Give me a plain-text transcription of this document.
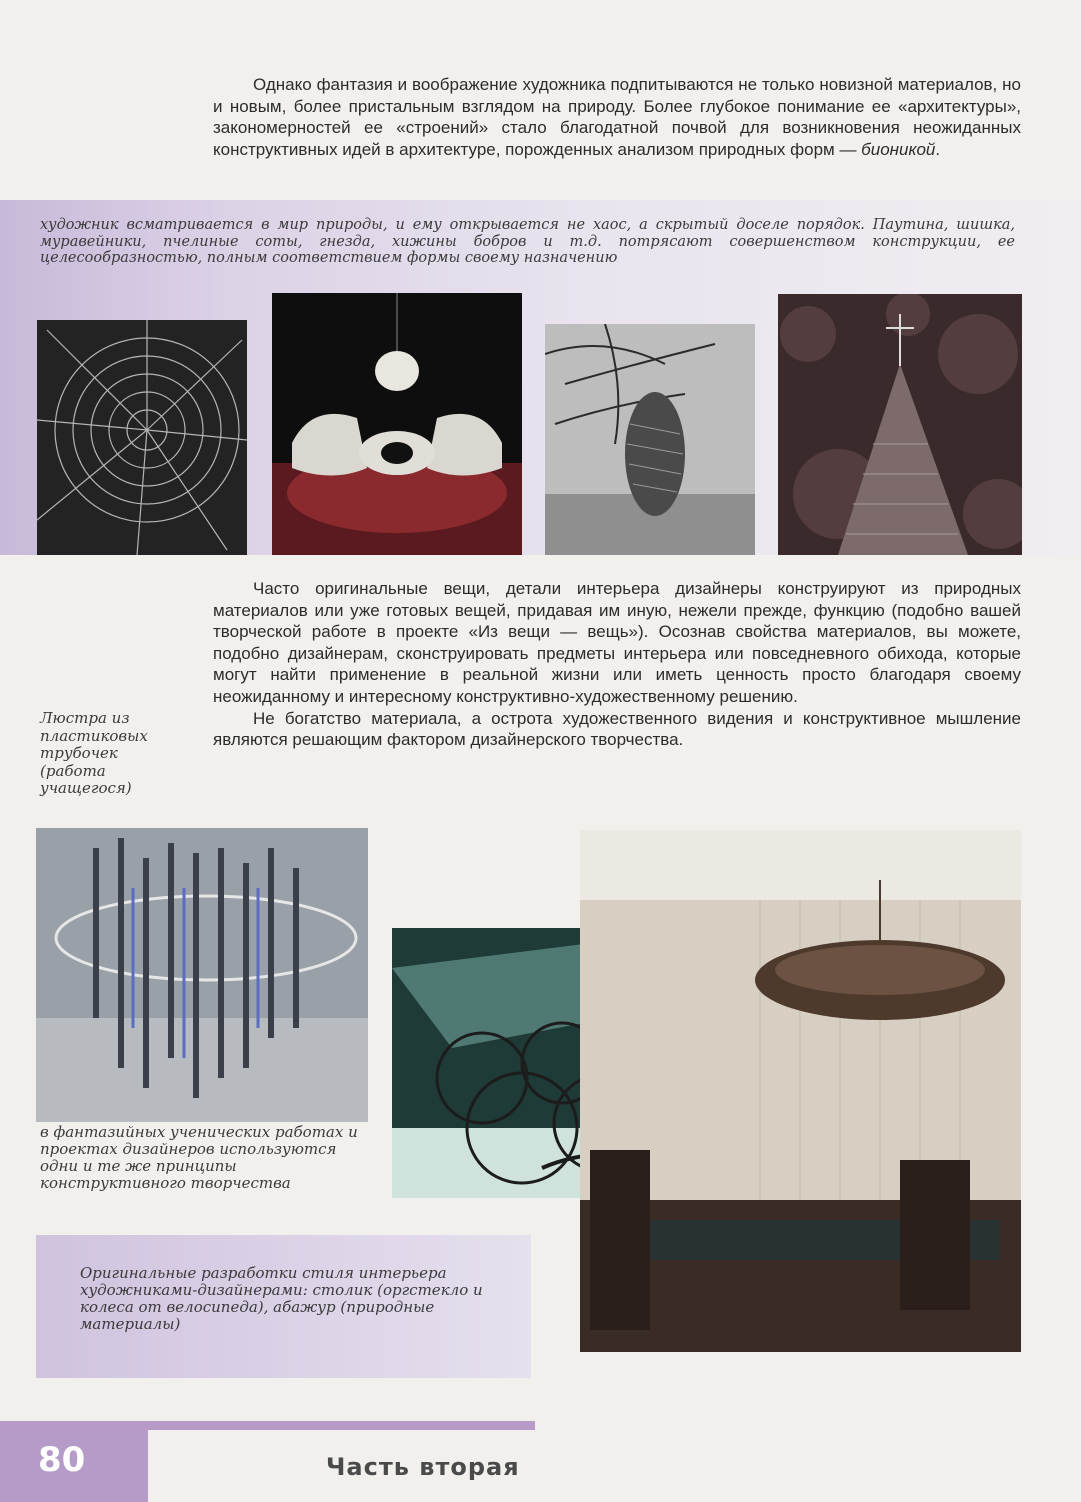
Однако фантазия и воображение художника подпитываются не только новизной материалов, но и новым, более пристальным взглядом на природу. Более глубокое понимание ее «архитектуры», закономерностей ее «строений» стало благодатной почвой для возникновения неожиданных конструктивных идей в архитектуре, порожденных анализом природных форм — бионикой.

художник всматривается в мир природы, и ему открывается не хаос, а скрытый доселе порядок. Паутина, шишка, муравейники, пчелиные соты, гнезда, хижины бобров и т.д. потрясают совершенством конструкции, ее целесообразностью, полным соответствием формы своему назначению

Часто оригинальные вещи, детали интерьера дизайнеры конструируют из природных материалов или уже готовых вещей, придавая им иную, нежели прежде, функцию (подобно вашей творческой работе в проекте «Из вещи — вещь»). Осознав свойства материалов, вы можете, подобно дизайнерам, сконструировать предметы интерьера или повседневного обихода, которые могут найти применение в реальной жизни или иметь ценность просто благодаря своему неожиданному и интересному конструктивно-художественному решению.

Не богатство материала, а острота художественного видения и конструктивное мышление являются решающим фактором дизайнерского творчества.

Люстра из пластиковых трубочек (работа учащегося)

в фантазийных ученических работах и проектах дизайнеров используются одни и те же принципы конструктивного творчества

Оригинальные разработки стиля интерьера художниками-дизайнерами: столик (оргстекло и колеса от велосипеда), абажур (природные материалы)

80	Часть вторая
